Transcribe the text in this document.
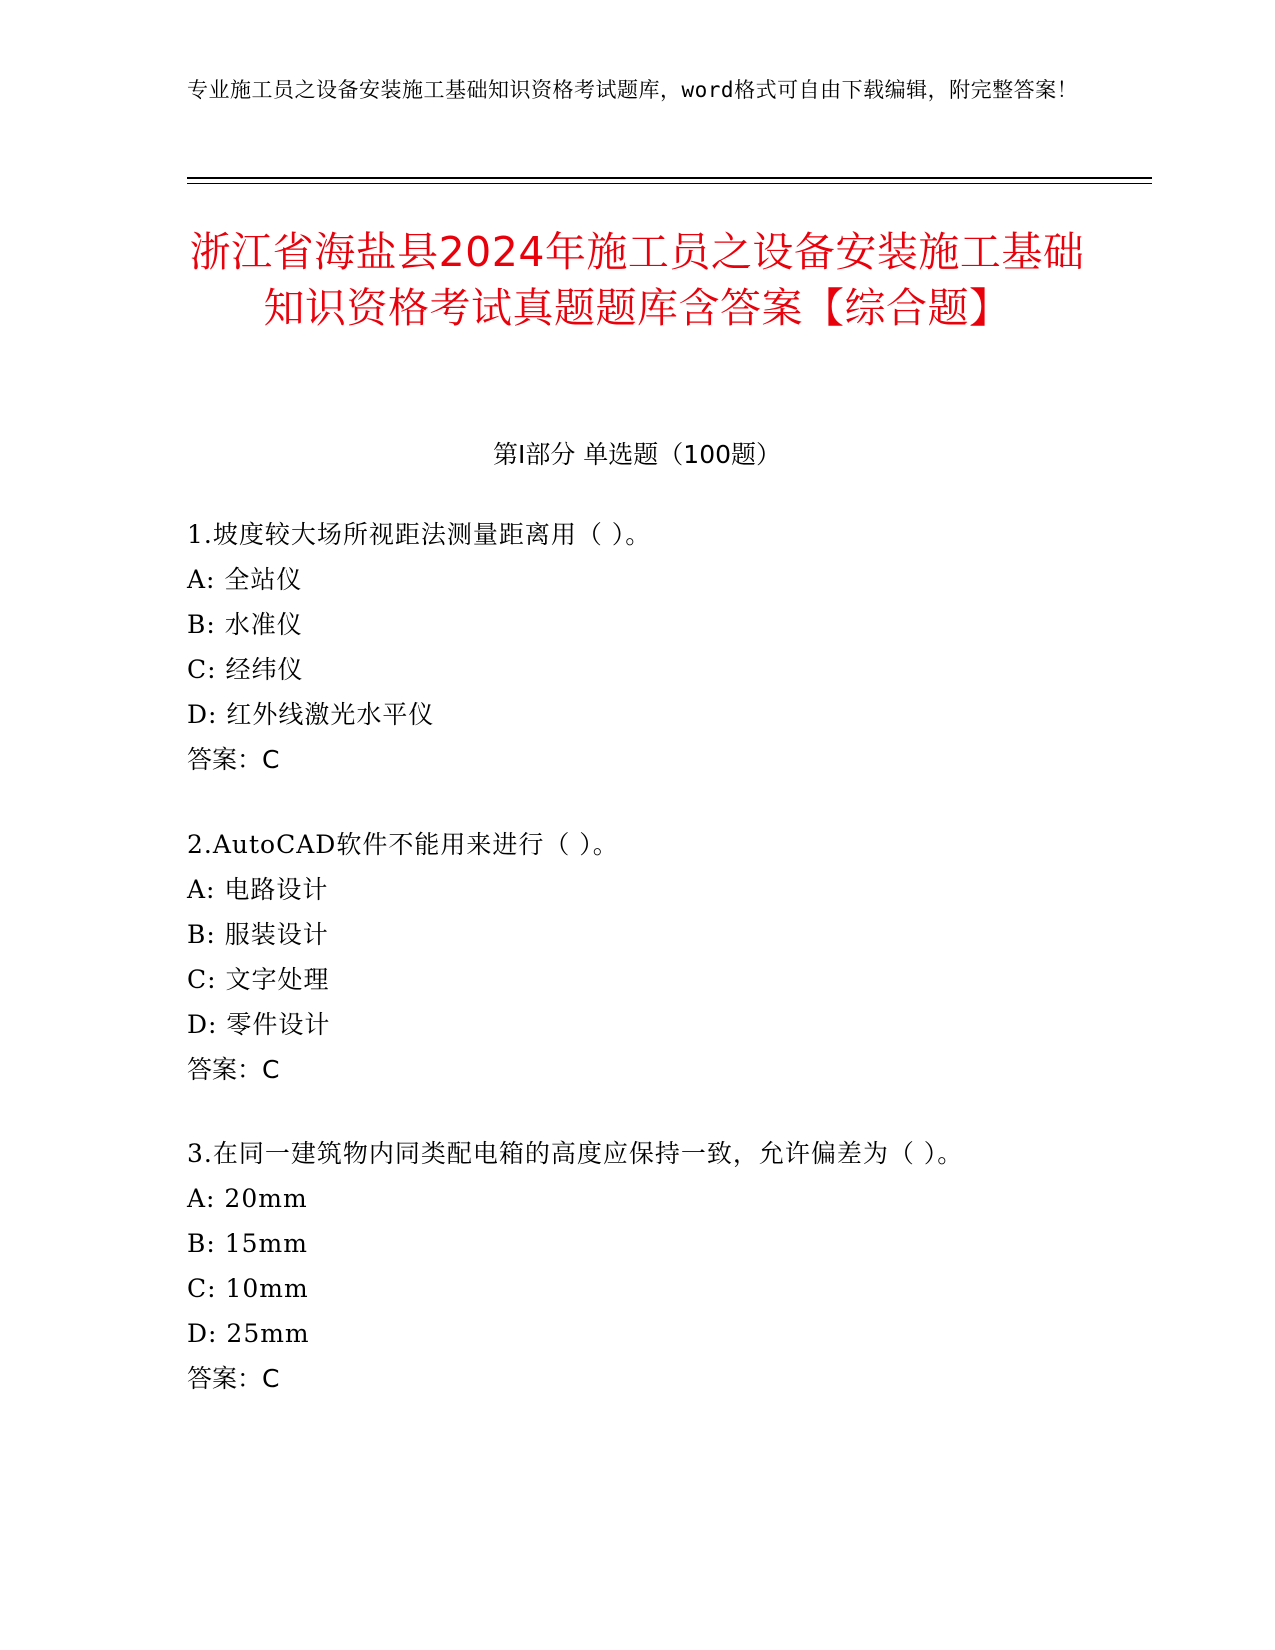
专业施工员之设备安装施工基础知识资格考试题库，word格式可自由下载编辑，附完整答案！
浙江省海盐县2024年施工员之设备安装施工基础知识资格考试真题题库含答案【综合题】
第I部分 单选题（100题）
1.坡度较大场所视距法测量距离用（ ）。
A: 全站仪
B: 水准仪
C: 经纬仪
D: 红外线激光水平仪
答案：C
2.AutoCAD软件不能用来进行（ ）。
A: 电路设计
B: 服装设计
C: 文字处理
D: 零件设计
答案：C
3.在同一建筑物内同类配电箱的高度应保持一致，允许偏差为（ ）。
A: 20mm
B: 15mm
C: 10mm
D: 25mm
答案：C
